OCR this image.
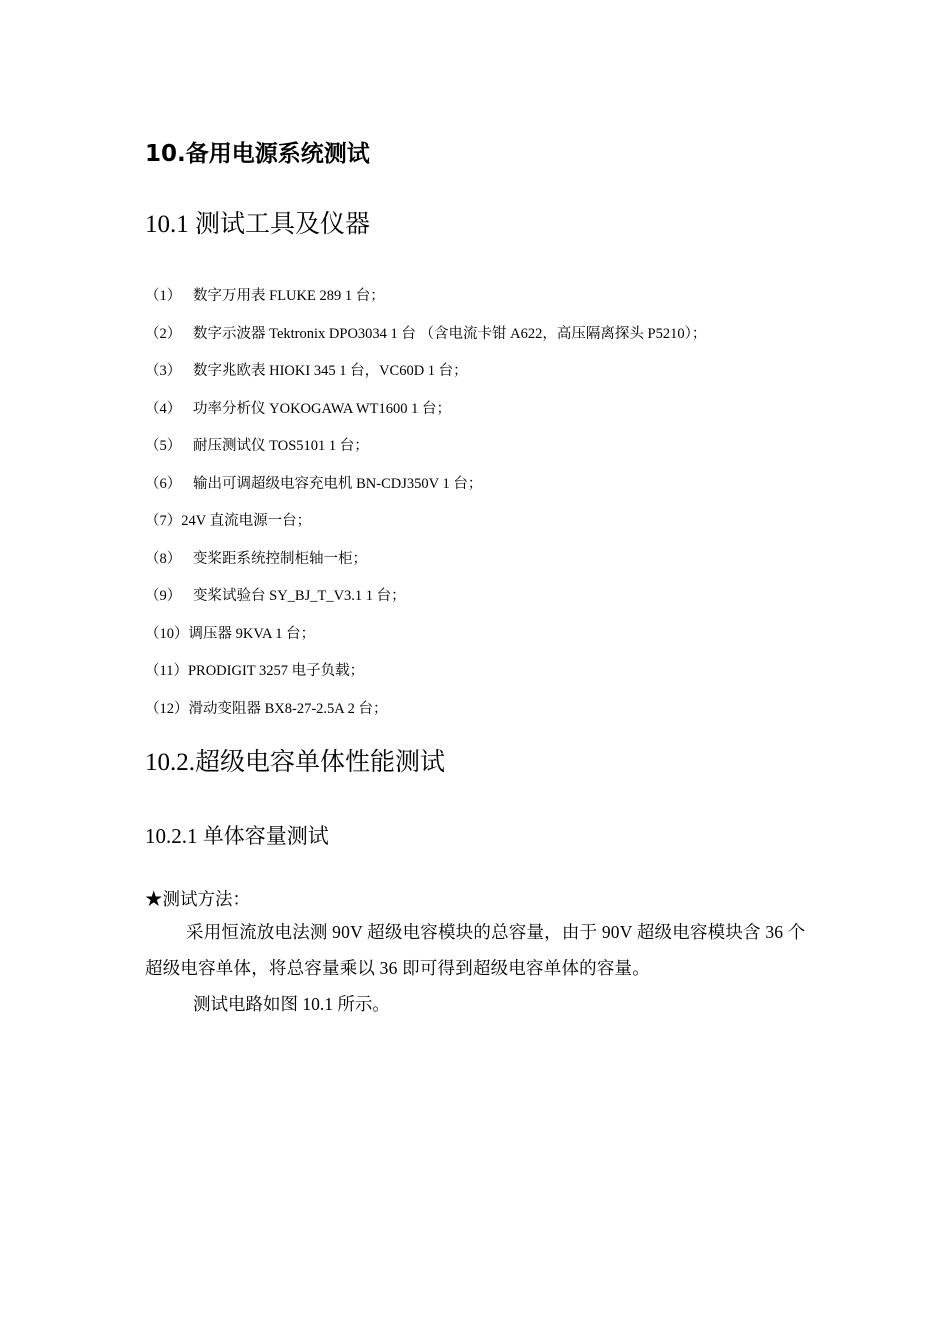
10.备用电源系统测试
10.1 测试工具及仪器
（1） 数字万用表 FLUKE 289 1 台；
（2） 数字示波器 Tektronix DPO3034 1 台 （含电流卡钳 A622，高压隔离探头 P5210）；
（3） 数字兆欧表 HIOKI 345 1 台，VC60D 1 台；
（4） 功率分析仪 YOKOGAWA WT1600 1 台；
（5） 耐压测试仪 TOS5101 1 台；
（6） 输出可调超级电容充电机 BN-CDJ350V 1 台；
（7）24V 直流电源一台；
（8） 变桨距系统控制柜轴一柜；
（9） 变桨试验台 SY_BJ_T_V3.1 1 台；
（10）调压器 9KVA 1 台；
（11）PRODIGIT 3257 电子负载；
（12）滑动变阻器 BX8-27-2.5A 2 台；
10.2.超级电容单体性能测试
10.2.1 单体容量测试
★测试方法：

采用恒流放电法测 90V 超级电容模块的总容量，由于 90V 超级电容模块含 36 个超级电容单体，将总容量乘以 36 即可得到超级电容单体的容量。

测试电路如图 10.1 所示。
